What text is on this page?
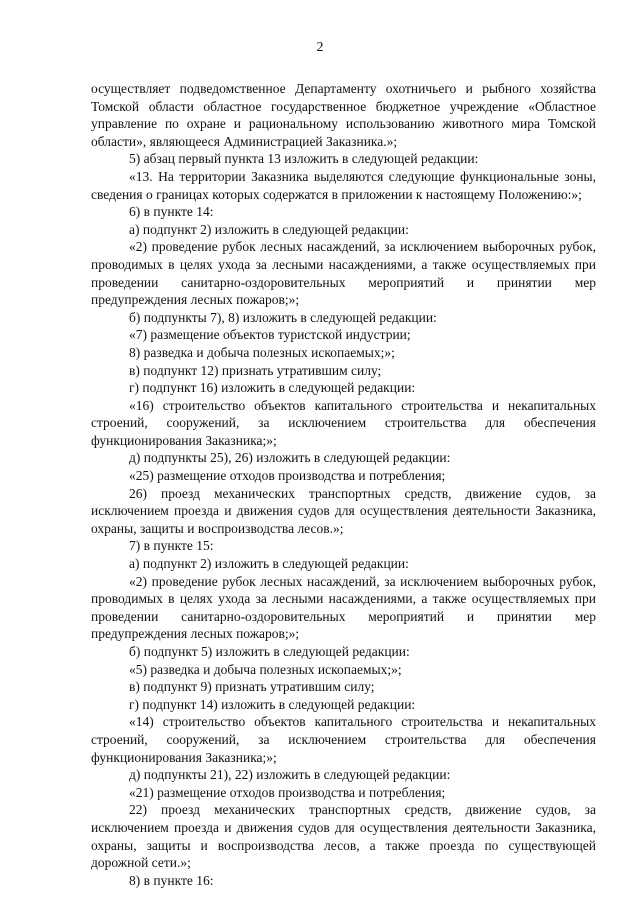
2

осуществляет подведомственное Департаменту охотничьего и рыбного хозяйства Томской области областное государственное бюджетное учреждение «Областное управление по охране и рациональному использованию животного мира Томской области», являющееся Администрацией Заказника.»;

5) абзац первый пункта 13 изложить в следующей редакции:

«13. На территории Заказника выделяются следующие функциональные зоны, сведения о границах которых содержатся в приложении к настоящему Положению:»;

6) в пункте 14:

а) подпункт 2) изложить в следующей редакции:

«2) проведение рубок лесных насаждений, за исключением выборочных рубок, проводимых в целях ухода за лесными насаждениями, а также осуществляемых при проведении санитарно-оздоровительных мероприятий и принятии мер предупреждения лесных пожаров;»;

б) подпункты 7), 8) изложить в следующей редакции:

«7) размещение объектов туристской индустрии;

8) разведка и добыча полезных ископаемых;»;

в) подпункт 12) признать утратившим силу;

г) подпункт 16) изложить в следующей редакции:

«16) строительство объектов капитального строительства и некапитальных строений, сооружений, за исключением строительства для обеспечения функционирования Заказника;»;

д) подпункты 25), 26) изложить в следующей редакции:

«25) размещение отходов производства и потребления;

26) проезд механических транспортных средств, движение судов, за исключением проезда и движения судов для осуществления деятельности Заказника, охраны, защиты и воспроизводства лесов.»;

7) в пункте 15:

а) подпункт 2) изложить в следующей редакции:

«2) проведение рубок лесных насаждений, за исключением выборочных рубок, проводимых в целях ухода за лесными насаждениями, а также осуществляемых при проведении санитарно-оздоровительных мероприятий и принятии мер предупреждения лесных пожаров;»;

б) подпункт 5) изложить в следующей редакции:

«5) разведка и добыча полезных ископаемых;»;

в) подпункт 9) признать утратившим силу;

г) подпункт 14) изложить в следующей редакции:

«14) строительство объектов капитального строительства и некапитальных строений, сооружений, за исключением строительства для обеспечения функционирования Заказника;»;

д) подпункты 21), 22) изложить в следующей редакции:

«21) размещение отходов производства и потребления;

22) проезд механических транспортных средств, движение судов, за исключением проезда и движения судов для осуществления деятельности Заказника, охраны, защиты и воспроизводства лесов, а также проезда по существующей дорожной сети.»;

8) в пункте 16:
